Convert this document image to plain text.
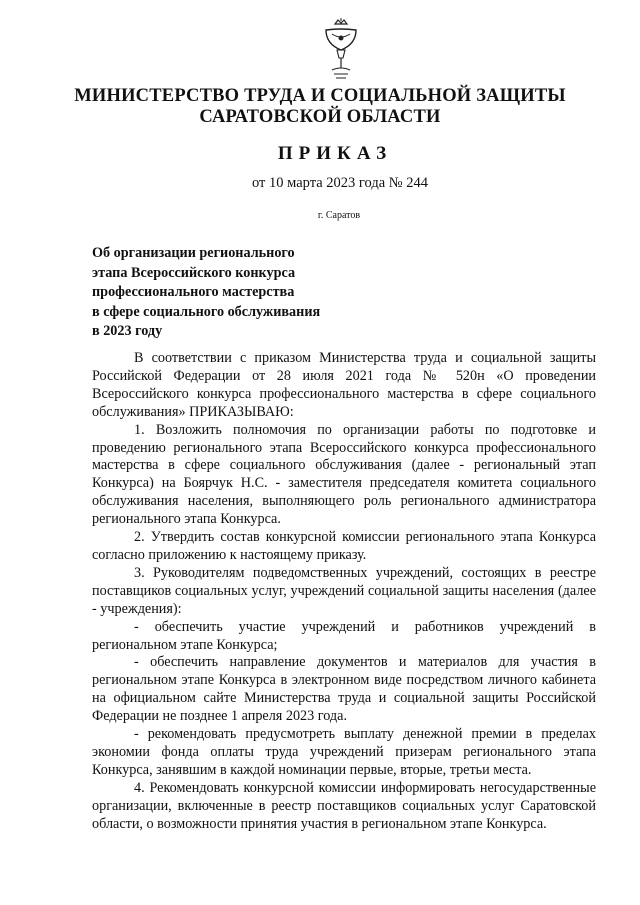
МИНИСТЕРСТВО ТРУДА И СОЦИАЛЬНОЙ ЗАЩИТЫ
САРАТОВСКОЙ ОБЛАСТИ
ПРИКАЗ
от 10 марта 2023 года № 244
г. Саратов
Об организации регионального
этапа Всероссийского конкурса
профессионального мастерства
в сфере социального обслуживания
в 2023 году

В соответствии с приказом Министерства труда и социальной защиты Российской Федерации от 28 июля 2021 года № 520н «О проведении Всероссийского конкурса профессионального мастерства в сфере социального обслуживания» ПРИКАЗЫВАЮ:

1. Возложить полномочия по организации работы по подготовке и проведению регионального этапа Всероссийского конкурса профессионального мастерства в сфере социального обслуживания (далее - региональный этап Конкурса) на Боярчук Н.С. - заместителя председателя комитета социального обслуживания населения, выполняющего роль регионального администратора регионального этапа Конкурса.

2. Утвердить состав конкурсной комиссии регионального этапа Конкурса согласно приложению к настоящему приказу.

3. Руководителям подведомственных учреждений, состоящих в реестре поставщиков социальных услуг, учреждений социальной защиты населения (далее - учреждения):

- обеспечить участие учреждений и работников учреждений в региональном этапе Конкурса;

- обеспечить направление документов и материалов для участия в региональном этапе Конкурса в электронном виде посредством личного кабинета на официальном сайте Министерства труда и социальной защиты Российской Федерации не позднее 1 апреля 2023 года.

- рекомендовать предусмотреть выплату денежной премии в пределах экономии фонда оплаты труда учреждений призерам регионального этапа Конкурса, занявшим в каждой номинации первые, вторые, третьи места.

4. Рекомендовать конкурсной комиссии информировать негосударственные организации, включенные в реестр поставщиков социальных услуг Саратовской области, о возможности принятия участия в региональном этапе Конкурса.
